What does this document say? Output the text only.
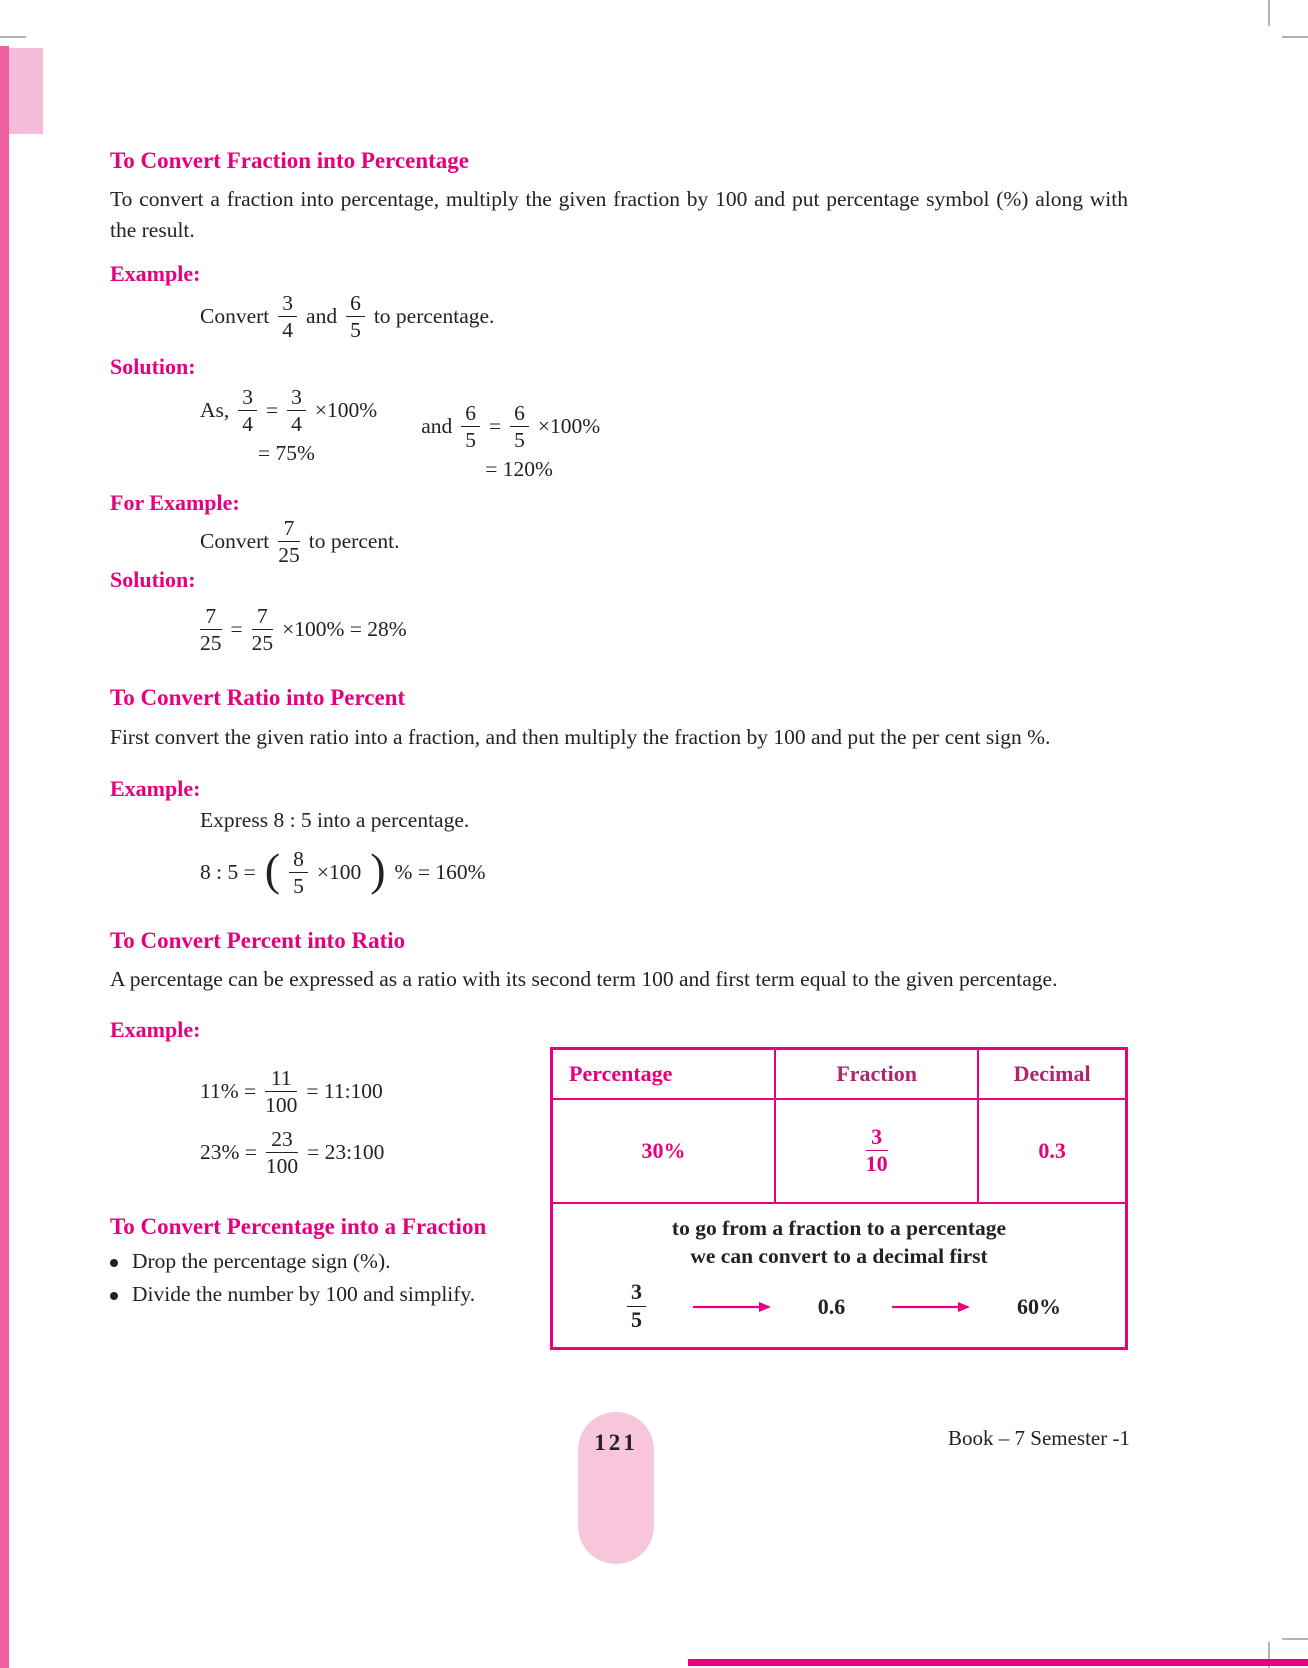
To Convert Fraction into Percentage

To convert a fraction into percentage, multiply the given fraction by 100 and put percentage symbol (%) along with the result.

Example:
Convert $\frac{3}{4}$ and $\frac{6}{5}$ to percentage.
Solution:
As, $\frac{3}{4} = \frac{3}{4} \times 100\%$
= 75%
and $\frac{6}{5} = \frac{6}{5} \times 100\%$
= 120%
For Example:
Convert $\frac{7}{25}$ to percent.
Solution:
$\frac{7}{25} = \frac{7}{25} \times 100\% = 28\%$
To Convert Ratio into Percent

First convert the given ratio into a fraction, and then multiply the fraction by 100 and put the per cent sign %.

Example:
Express 8 : 5 into a percentage.
8 : 5 = ( $\frac{8}{5} \times 100$ ) % = 160%
To Convert Percent into Ratio

A percentage can be expressed as a ratio with its second term 100 and first term equal to the given percentage.

Example:
$11\% = \frac{11}{100}$ = 11:100
$23\% = \frac{23}{100}$ = 23:100
To Convert Percentage into a Fraction
Drop the percentage sign (%).
Divide the number by 100 and simplify.
Percentage	Fraction	Decimal
30%	$\frac{3}{10}$	0.3

to go from a fraction to a percentage
we can convert to a decimal first
$\frac{3}{5}$	0.6	60%
121	Book – 7 Semester -1
